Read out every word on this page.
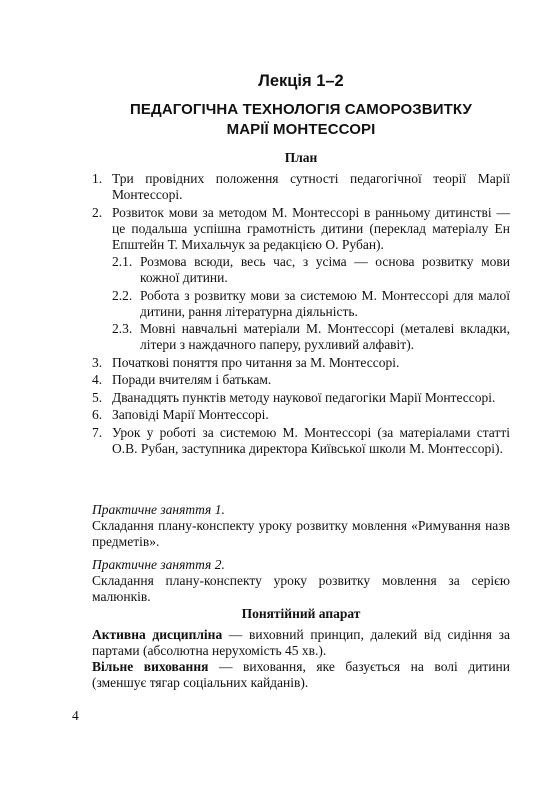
Лекція 1–2
ПЕДАГОГІЧНА ТЕХНОЛОГІЯ САМОРОЗВИТКУ
МАРІЇ МОНТЕССОРІ
План
1. Три провідних положення сутності педагогічної теорії Марії Монтессорі.
2. Розвиток мови за методом М. Монтессорі в ранньому дитинстві — це подальша успішна грамотність дитини (переклад матеріалу Ен Епштейн Т. Михальчук за редакцією О. Рубан).
2.1. Розмова всюди, весь час, з усіма — основа розвитку мови кожної дитини.
2.2. Робота з розвитку мови за системою М. Монтессорі для малої дитини, рання літературна діяльність.
2.3. Мовні навчальні матеріали М. Монтессорі (металеві вкладки, літери з наждачного паперу, рухливий алфавіт).
3. Початкові поняття про читання за М. Монтессорі.
4. Поради вчителям і батькам.
5. Дванадцять пунктів методу наукової педагогіки Марії Монтессорі.
6. Заповіді Марії Монтессорі.
7. Урок у роботі за системою М. Монтессорі (за матеріалами статті О.В. Рубан, заступника директора Київської школи М. Монтессорі).
Практичне заняття 1.
Складання плану-конспекту уроку розвитку мовлення «Римування назв предметів».
Практичне заняття 2.
Складання плану-конспекту уроку розвитку мовлення за серією малюнків.
Понятійний апарат
Активна дисципліна — виховний принцип, далекий від сидіння за партами (абсолютна нерухомість 45 хв.).
Вільне виховання — виховання, яке базується на волі дитини (зменшує тягар соціальних кайданів).
4
